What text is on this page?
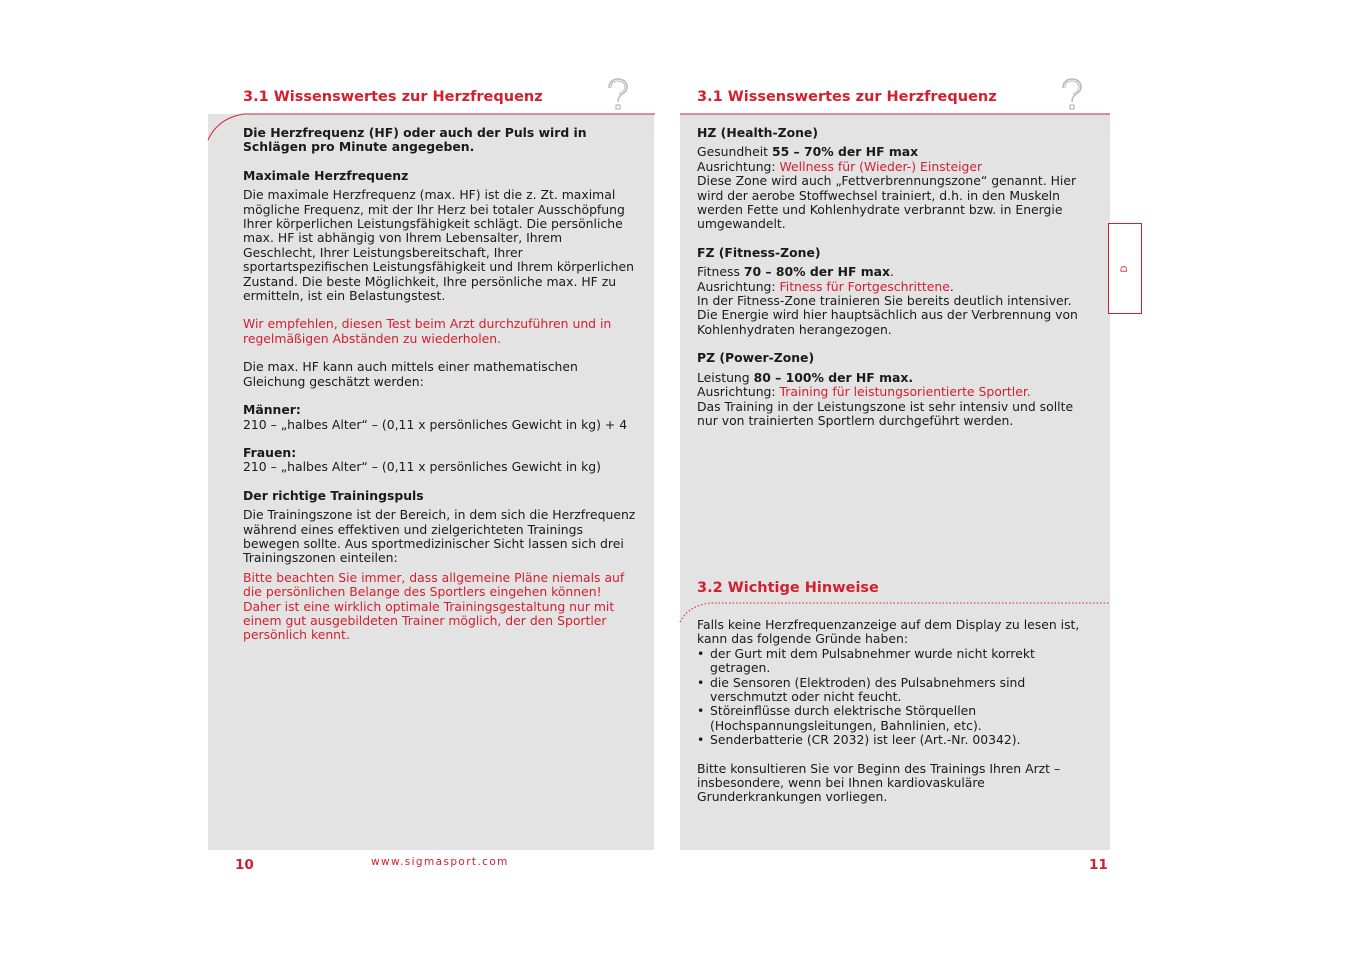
3.1 Wissenswertes zur Herzfrequenz	3.1 Wissenswertes zur Herzfrequenz

Die Herzfrequenz (HF) oder auch der Puls wird in Schlägen pro Minute angegeben.

Maximale Herzfrequenz

Die maximale Herzfrequenz (max. HF) ist die z. Zt. maximal mögliche Frequenz, mit der Ihr Herz bei totaler Ausschöpfung Ihrer körperlichen Leistungsfähigkeit schlägt. Die persönliche max. HF ist abhängig von Ihrem Lebensalter, Ihrem Geschlecht, Ihrer Leistungsbereitschaft, Ihrer sportartspezifischen Leistungsfähigkeit und Ihrem körperlichen Zustand. Die beste Möglichkeit, Ihre persönliche max. HF zu ermitteln, ist ein Belastungstest.

Wir empfehlen, diesen Test beim Arzt durchzuführen und in regelmäßigen Abständen zu wiederholen.

Die max. HF kann auch mittels einer mathematischen Gleichung geschätzt werden:

Männer:

210 – „halbes Alter“ – (0,11 x persönliches Gewicht in kg) + 4

Frauen:

210 – „halbes Alter“ – (0,11 x persönliches Gewicht in kg)

Der richtige Trainingspuls

Die Trainingszone ist der Bereich, in dem sich die Herzfrequenz während eines effektiven und zielgerichteten Trainings bewegen sollte. Aus sportmedizinischer Sicht lassen sich drei Trainingszonen einteilen:

Bitte beachten Sie immer, dass allgemeine Pläne niemals auf die persönlichen Belange des Sportlers eingehen können! Daher ist eine wirklich optimale Trainingsgestaltung nur mit einem gut ausgebildeten Trainer möglich, der den Sportler persönlich kennt.

HZ (Health-Zone)

Gesundheit 55 – 70% der HF max

Ausrichtung: Wellness für (Wieder-) Einsteiger

Diese Zone wird auch „Fettverbrennungszone“ genannt. Hier wird der aerobe Stoffwechsel trainiert, d.h. in den Muskeln werden Fette und Kohlenhydrate verbrannt bzw. in Energie umgewandelt.

FZ (Fitness-Zone)

Fitness 70 – 80% der HF max.

Ausrichtung: Fitness für Fortgeschrittene.

In der Fitness-Zone trainieren Sie bereits deutlich intensiver. Die Energie wird hier hauptsächlich aus der Verbrennung von Kohlenhydraten herangezogen.

PZ (Power-Zone)

Leistung 80 – 100% der HF max.

Ausrichtung: Training für leistungsorientierte Sportler.

Das Training in der Leistungszone ist sehr intensiv und sollte nur von trainierten Sportlern durchgeführt werden.

3.2 Wichtige Hinweise

Falls keine Herzfrequenzanzeige auf dem Display zu lesen ist, kann das folgende Gründe haben:

• der Gurt mit dem Pulsabnehmer wurde nicht korrekt getragen.
• die Sensoren (Elektroden) des Pulsabnehmers sind verschmutzt oder nicht feucht.
• Störeinflüsse durch elektrische Störquellen (Hochspannungsleitungen, Bahnlinien, etc).
• Senderbatterie (CR 2032) ist leer (Art.-Nr. 00342).

Bitte konsultieren Sie vor Beginn des Trainings Ihren Arzt – insbesondere, wenn bei Ihnen kardiovaskuläre Grunderkrankungen vorliegen.

D
10	www.sigmasport.com	11
